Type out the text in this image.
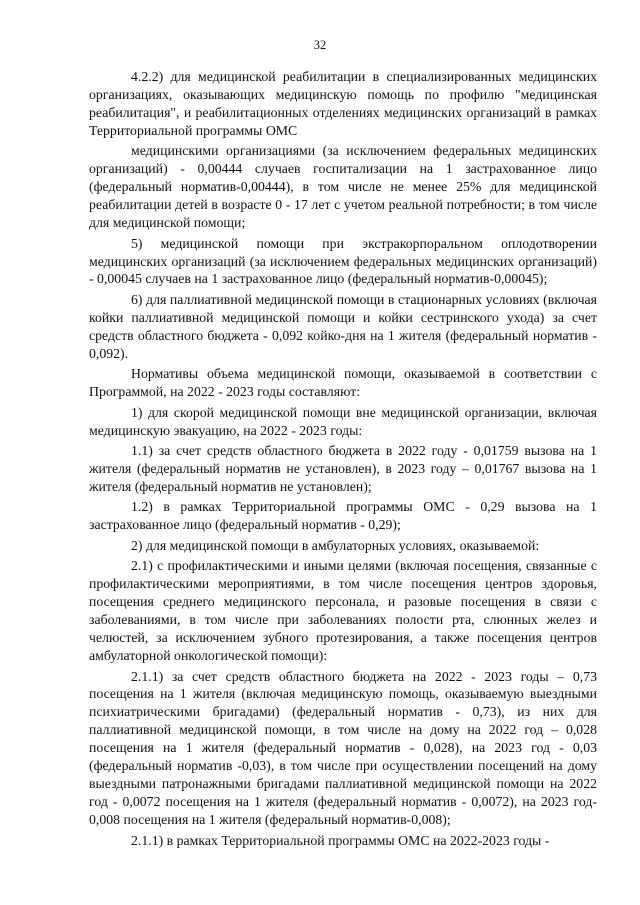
32

4.2.2) для медицинской реабилитации в специализированных медицинских организациях, оказывающих медицинскую помощь по профилю "медицинская реабилитация", и реабилитационных отделениях медицинских организаций в рамках Территориальной программы ОМС

медицинскими организациями (за исключением федеральных медицинских организаций) - 0,00444 случаев госпитализации на 1 застрахованное лицо (федеральный норматив-0,00444), в том числе не менее 25% для медицинской реабилитации детей в возрасте 0 - 17 лет с учетом реальной потребности; в том числе для медицинской помощи;

5) медицинской помощи при экстракорпоральном оплодотворении медицинских организаций (за исключением федеральных медицинских организаций) - 0,00045 случаев на 1 застрахованное лицо (федеральный норматив-0,00045);

6) для паллиативной медицинской помощи в стационарных условиях (включая койки паллиативной медицинской помощи и койки сестринского ухода) за счет средств областного бюджета - 0,092 койко-дня на 1 жителя (федеральный норматив - 0,092).

Нормативы объема медицинской помощи, оказываемой в соответствии с Программой, на 2022 - 2023 годы составляют:

1) для скорой медицинской помощи вне медицинской организации, включая медицинскую эвакуацию, на 2022 - 2023 годы:

1.1) за счет средств областного бюджета в 2022 году - 0,01759 вызова на 1 жителя (федеральный норматив не установлен), в 2023 году – 0,01767 вызова на 1 жителя (федеральный норматив не установлен);

1.2) в рамках Территориальной программы ОМС - 0,29 вызова на 1 застрахованное лицо (федеральный норматив - 0,29);

2) для медицинской помощи в амбулаторных условиях, оказываемой:

2.1) с профилактическими и иными целями (включая посещения, связанные с профилактическими мероприятиями, в том числе посещения центров здоровья, посещения среднего медицинского персонала, и разовые посещения в связи с заболеваниями, в том числе при заболеваниях полости рта, слюнных желез и челюстей, за исключением зубного протезирования, а также посещения центров амбулаторной онкологической помощи):

2.1.1) за счет средств областного бюджета на 2022 - 2023 годы – 0,73 посещения на 1 жителя (включая медицинскую помощь, оказываемую выездными психиатрическими бригадами) (федеральный норматив - 0,73), из них для паллиативной медицинской помощи, в том числе на дому на 2022 год – 0,028 посещения на 1 жителя (федеральный норматив - 0,028), на 2023 год - 0,03 (федеральный норматив -0,03), в том числе при осуществлении посещений на дому выездными патронажными бригадами паллиативной медицинской помощи на 2022 год - 0,0072 посещения на 1 жителя (федеральный норматив - 0,0072), на 2023 год- 0,008 посещения на 1 жителя (федеральный норматив-0,008);

2.1.1) в рамках Территориальной программы ОМС на 2022-2023 годы -
